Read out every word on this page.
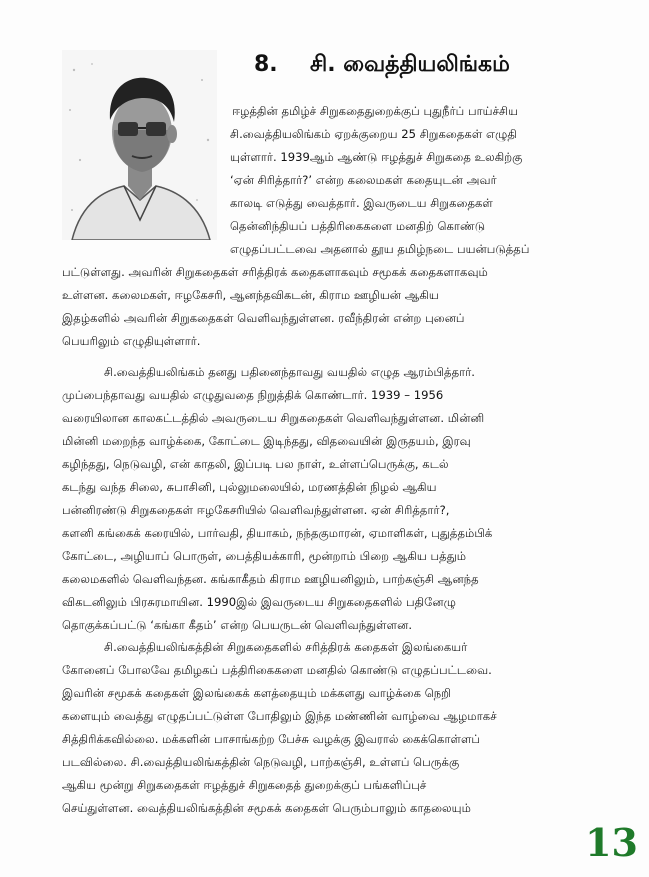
8. சி. வைத்தியலிங்கம்
ஈழத்தின் தமிழ்ச் சிறுகதைதுறைக்குப் புதுநீர்ப் பாய்ச்சிய
சி.வைத்தியலிங்கம் ஏறக்குறைய 25 சிறுகதைகள் எழுதி
யுள்ளார். 1939ஆம் ஆண்டு ஈழத்துச் சிறுகதை உலகிற்கு
‘ஏன் சிரித்தார்?’ என்ற கலைமகள் கதையுடன் அவர்
காலடி எடுத்து வைத்தார். இவருடைய சிறுகதைகள்
தென்னிந்தியப் பத்திரிகைகளை மனதிற் கொண்டு
எழுதப்பட்டவை அதனால் தூய தமிழ்நடை பயன்படுத்தப்
பட்டுள்ளது. அவரின் சிறுகதைகள் சரித்திரக் கதைகளாகவும் சமூகக் கதைகளாகவும்
உள்ளன. கலைமகள், ஈழகேசரி, ஆனந்தவிகடன், கிராம ஊழியன் ஆகிய
இதழ்களில் அவரின் சிறுகதைகள் வெளிவந்துள்ளன. ரவீந்திரன் என்ற புனைப்
பெயரிலும் எழுதியுள்ளார்.
சி.வைத்தியலிங்கம் தனது பதினைந்தாவது வயதில் எழுத ஆரம்பித்தார்.
முப்பைந்தாவது வயதில் எழுதுவதை நிறுத்திக் கொண்டார். 1939 – 1956
வரையிலான காலகட்டத்தில் அவருடைய சிறுகதைகள் வெளிவந்துள்ளன. மின்னி
மின்னி மறைந்த வாழ்க்கை, கோட்டை இடிந்தது, விதவையின் இருதயம், இரவு
கழிந்தது, நெடுவழி, என் காதலி, இப்படி பல நாள், உள்ளப்பெருக்கு, கடல்
கடந்து வந்த சிலை, சுபாசினி, புல்லுமலையில், மரணத்தின் நிழல் ஆகிய
பன்னிரண்டு சிறுகதைகள் ஈழகேசரியில் வெளிவந்துள்ளன. ஏன் சிரித்தார்?,
களனி கங்கைக் கரையில், பார்வதி, தியாகம், நந்தகுமாரன், ஏமாளிகள், புதுத்தம்பிக்
கோட்டை, அழியாப் பொருள், பைத்தியக்காரி, மூன்றாம் பிறை ஆகிய பத்தும்
கலைமகளில் வெளிவந்தன. கங்காகீதம் கிராம ஊழியனிலும், பாற்கஞ்சி ஆனந்த
விகடனிலும் பிரசுரமாயின. 1990இல் இவருடைய சிறுகதைகளில் பதினேழு
தொகுக்கப்பட்டு ‘கங்கா கீதம்’ என்ற பெயருடன் வெளிவந்துள்ளன.
சி.வைத்தியலிங்கத்தின் சிறுகதைகளில் சரித்திரக் கதைகள் இலங்கையர்
கோனைப் போலவே தமிழகப் பத்திரிகைகளை மனதில் கொண்டு எழுதப்பட்டவை.
இவரின் சமூகக் கதைகள் இலங்கைக் களத்தையும் மக்களது வாழ்க்கை நெறி
களையும் வைத்து எழுதப்பட்டுள்ள போதிலும் இந்த மண்ணின் வாழ்வை ஆழமாகச்
சித்திரிக்கவில்லை. மக்களின் பாசாங்கற்ற பேச்சு வழக்கு இவரால் கைக்கொள்ளப்
படவில்லை. சி.வைத்தியலிங்கத்தின் நெடுவழி, பாற்கஞ்சி, உள்ளப் பெருக்கு
ஆகிய மூன்று சிறுகதைகள் ஈழத்துச் சிறுகதைத் துறைக்குப் பங்களிப்புச்
செய்துள்ளன. வைத்தியலிங்கத்தின் சமூகக் கதைகள் பெரும்பாலும் காதலையும்
13
